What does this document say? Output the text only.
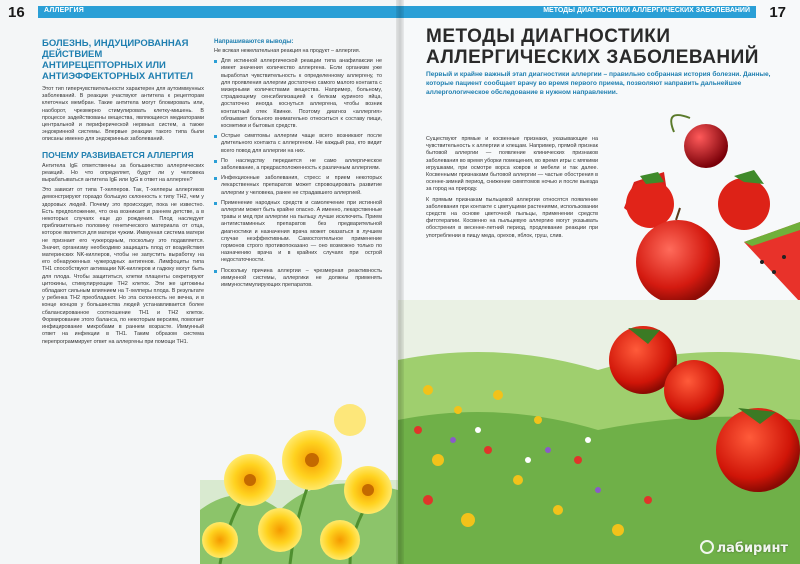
16	АЛЛЕРГИЯ
БОЛЕЗНЬ, ИНДУЦИРОВАННАЯ ДЕЙСТВИЕМ АНТИРЕЦЕПТОРНЫХ ИЛИ АНТИЭФФЕКТОРНЫХ АНТИТЕЛ

Этот тип гиперчувствительности характерен для аутоиммунных заболеваний. В реакции участвуют антитела к рецепторам клеточных мембран. Такие антитела могут блокировать или, наоборот, чрезмерно стимулировать клетку-мишень. В процессе задействованы вещества, являющиеся медиаторами центральной и периферической нервных систем, а также эндокринной системы. Впервые реакции такого типа были описаны именно для эндокринных заболеваний.

ПОЧЕМУ РАЗВИВАЕТСЯ АЛЛЕРГИЯ

Антитела IgE ответственны за большинство аллергических реакций. Но что определяет, будут ли у человека вырабатываться антитела IgE или IgG в ответ на аллерген?

Это зависит от типа Т-хелперов. Так, Т-хелперы аллергиков демонстрируют гораздо большую склонность к типу ТН2, чем у здоровых людей. Почему это происходит, пока не известно. Есть предположение, что она возникает в раннем детстве, а в некоторых случаях еще до рождения. Плод наследует приблизительно половину генетического материала от отца, которое является для матери чужим. Иммунная система матери не признает его чужеродным, поскольку это подавляется. Значит, организму необходимо защищать плод от воздействия материнских NK-киллеров, чтобы не запустить выработку на его обнаруженных чужеродных антигенов. Лимфоциты типа ТН1 способствуют активации NK-киллеров и гадюку могут быть для плода. Чтобы защититься, клетки плаценты секретируют цитокины, стимулирующие ТН2 клеток. Эти же цитокины обладают сильным влиянием на Т-хелперы плода. В результате у ребенка ТН2 преобладают. Но эта склонность не вечна, и в конце концов у большинства людей устанавливается более сбалансированное соотношение ТН1 и ТН2 клеток. Формирование этого баланса, по некоторым версиям, помогает инфицирование микробами в раннем возрасте. Иммунный ответ на инфекции в ТН1. Таким образом система перепрограммирует ответ на аллергены при помощи ТН1.

Напрашиваются выводы:
Не всякая нежелательная реакция на продукт – аллергия.
Для истинной аллергической реакции типа анафилаксии не имеет значения количество аллергена. Если организм уже выработал чувствительность к определенному аллергену, то для проявления аллергии достаточно самого малого контакта с мизерными количествами вещества. Например, больному, страдающему сенсибилизацией к белкам куриного яйца, достаточно иногда коснуться аллергена, чтобы возник контактный отек Квинке. Поэтому диагноз «аллергия» обязывает больного внимательно относиться к составу пищи, косметики и бытовых средств.
Острые симптомы аллергии чаще всего возникают после длительного контакта с аллергеном. Не каждый раз, кто видит всего повод для аллергии на них.
По наследству передается не само аллергическое заболевание, а предрасположенность к различным аллергиям.
Инфекционные заболевания, стресс и прием некоторых лекарственных препаратов может спровоцировать развитие аллергии у человека, ранее не страдавшего аллергией.
Применение народных средств и самолечение при истинной аллергии может быть крайне опасно. А именно, лекарственные травы и мед при аллергии на пыльцу лучше исключить. Прием антигистаминных препаратов без предварительной диагностики и назначения врача может оказаться в лучшем случае неэффективным. Самостоятельное применение гормонов строго противопоказано — оно возможно только по назначению врача и в крайних случаях при острой недостаточности.
Поскольку причина аллергии – чрезмерная реактивность иммунной системы, аллергики не должны применять иммуностимулирующих препаратов.
МЕТОДЫ ДИАГНОСТИКИ АЛЛЕРГИЧЕСКИХ ЗАБОЛЕВАНИЙ 17
МЕТОДЫ ДИАГНОСТИКИ АЛЛЕРГИЧЕСКИХ ЗАБОЛЕВАНИЙ
Первый и крайне важный этап диагностики аллергии – правильно собранная история болезни. Данные, которые пациент сообщает врачу во время первого приема, позволяют направить дальнейшее аллергологическое обследование в нужном направлении.

Существуют прямые и косвенные признаки, указывающие на чувствительность к аллергии и клещам. Например, прямой признак бытовой аллергии — появление клинических признаков заболевания во время уборки помещения, во время игры с мягкими игрушками, при осмотре ворса ковров и мебели и так далее. Косвенными признаками бытовой аллергии — частые обострения в осенне-зимний период, снижение симптомов ночью и после выезда за город на природу.

К прямым признакам пыльцевой аллергии относятся появление заболевания при контакте с цветущими растениями, использовании средств на основе цветочной пыльцы, применении средств фитотерапии. Косвенно на пыльцевую аллергию могут указывать обострения в весенне-летний период, продлевание реакции при употреблении в пищу меда, орехов, яблок, груш, слив.

лабиринт
